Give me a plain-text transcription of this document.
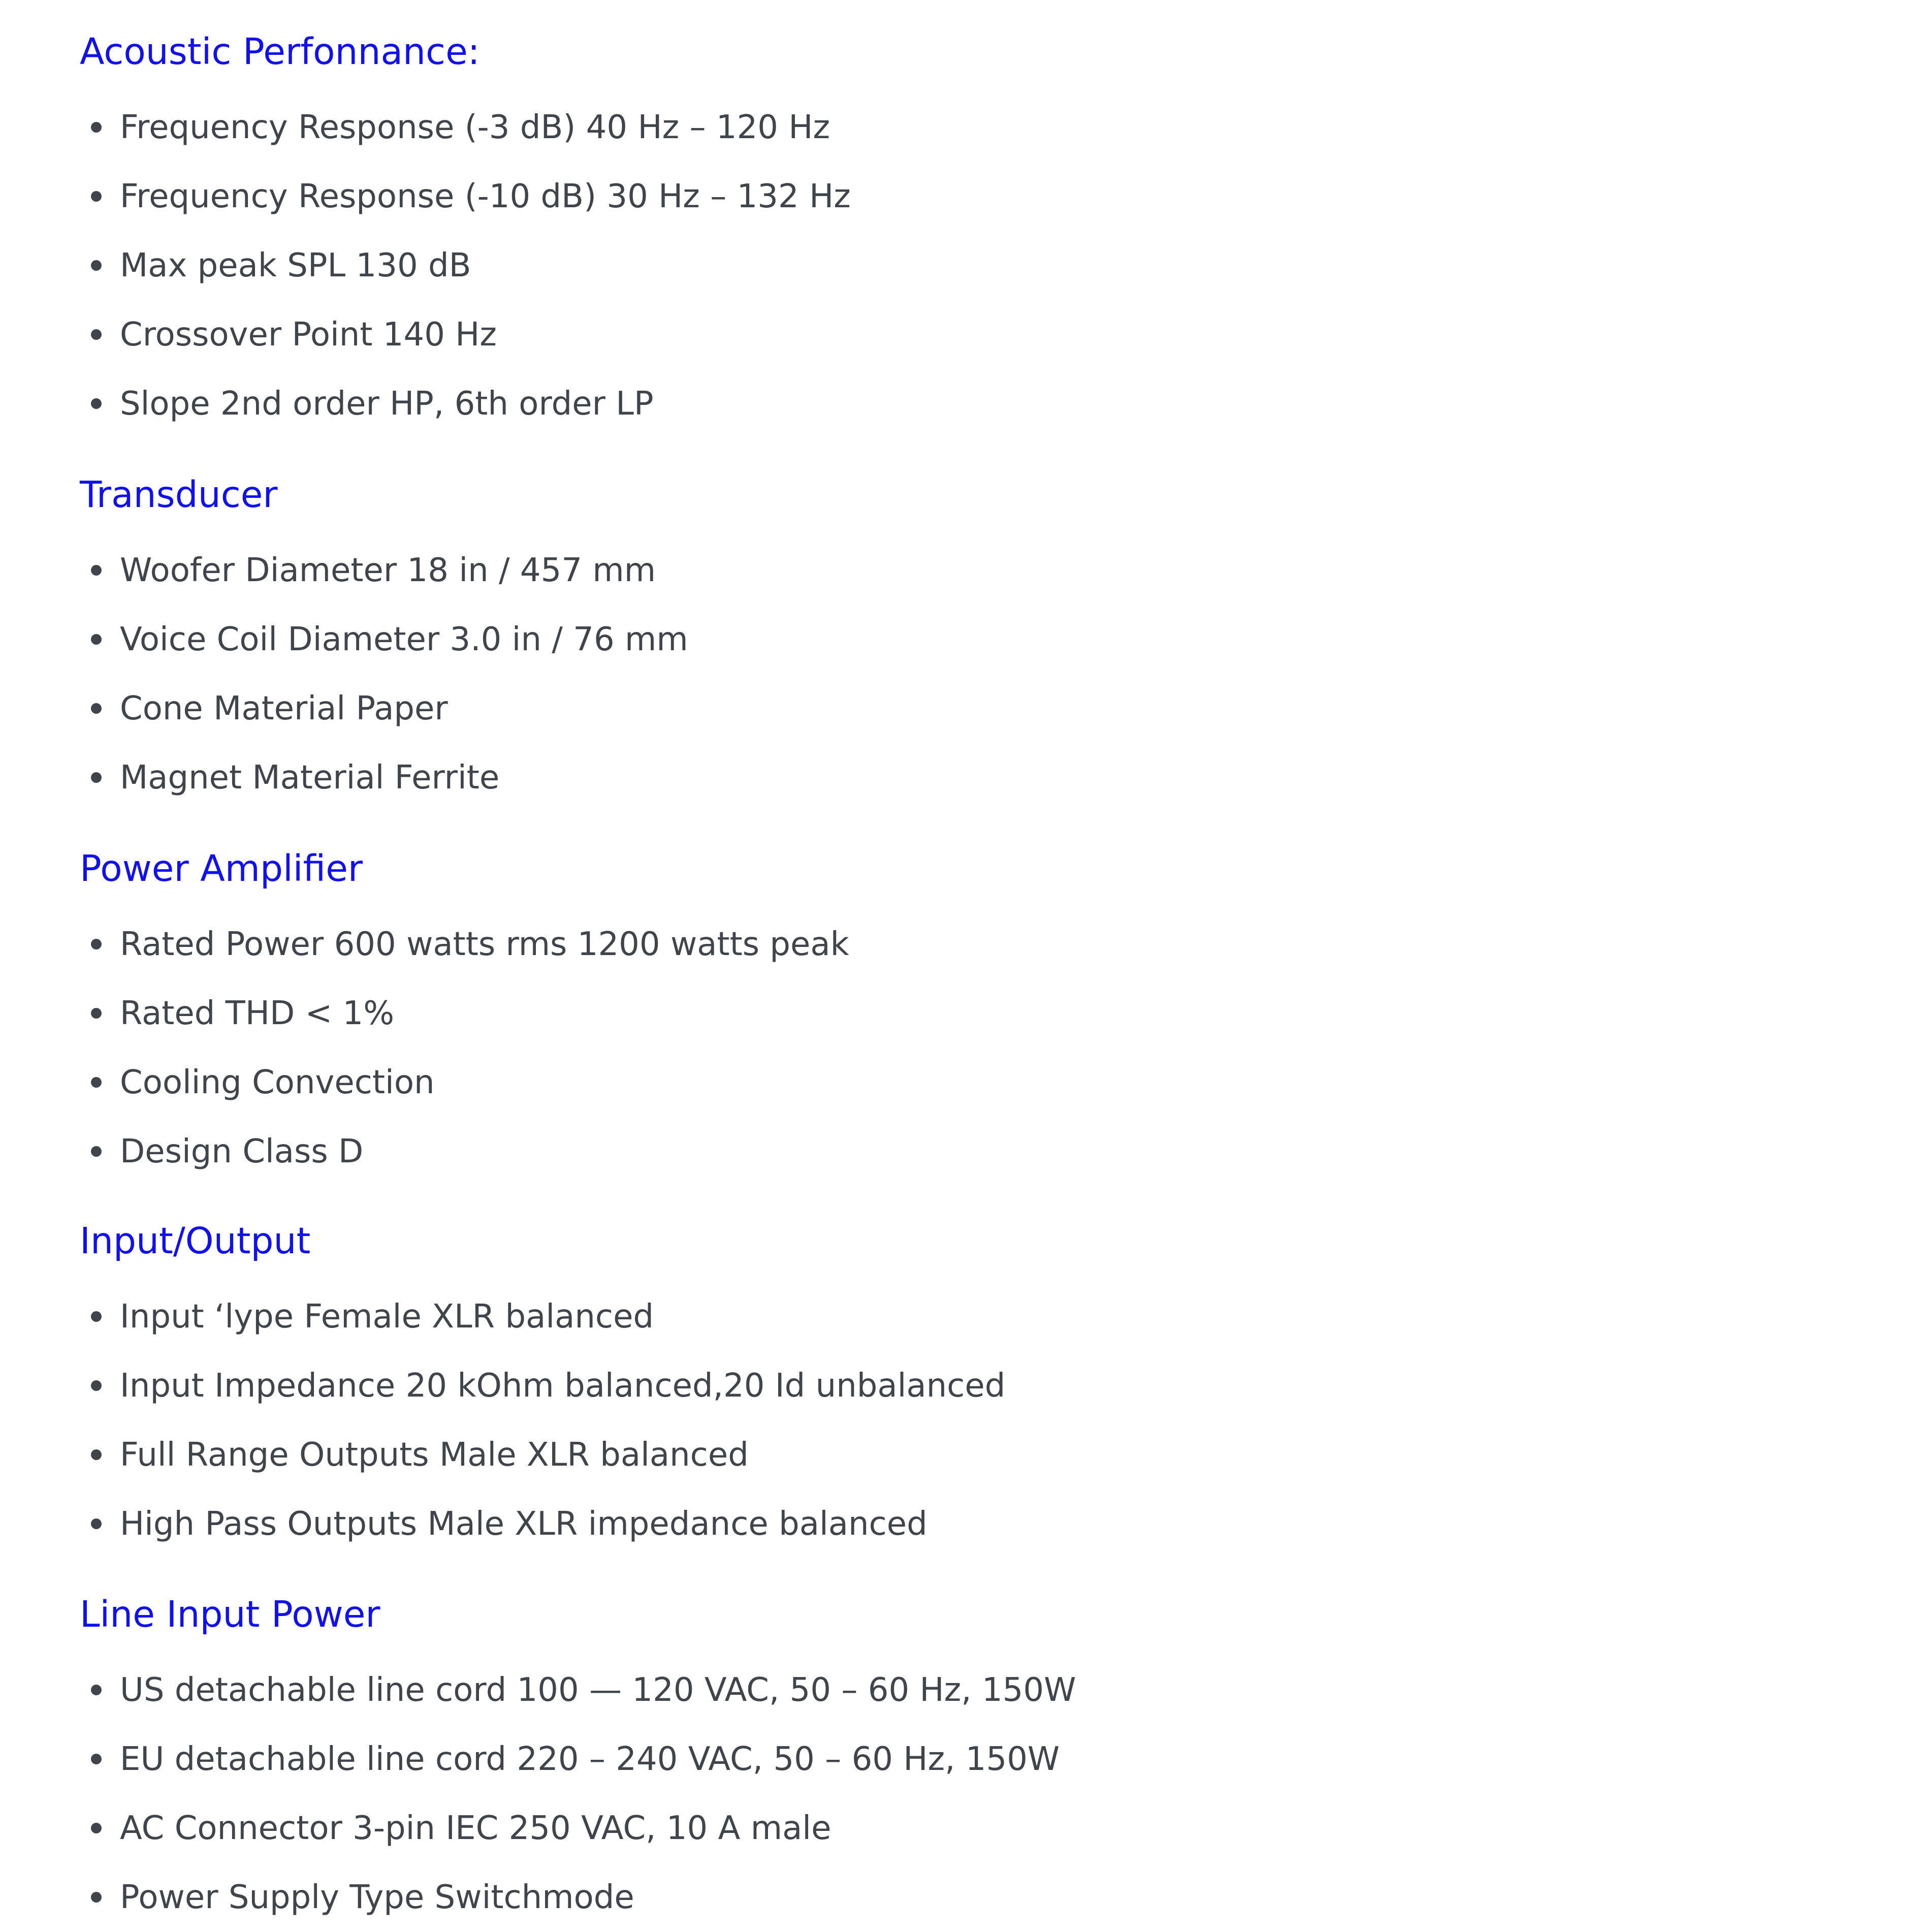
Acoustic Perfonnance:
Frequency Response (-3 dB) 40 Hz – 120 Hz
Frequency Response (-10 dB) 30 Hz – 132 Hz
Max peak SPL 130 dB
Crossover Point 140 Hz
Slope 2nd order HP, 6th order LP
Transducer
Woofer Diameter 18 in / 457 mm
Voice Coil Diameter 3.0 in / 76 mm
Cone Material Paper
Magnet Material Ferrite
Power Amplifier
Rated Power 600 watts rms 1200 watts peak
Rated THD < 1%
Cooling Convection
Design Class D
Input/Output
Input ‘lype Female XLR balanced
Input Impedance 20 kOhm balanced,20 Id unbalanced
Full Range Outputs Male XLR balanced
High Pass Outputs Male XLR impedance balanced
Line Input Power
US detachable line cord 100 — 120 VAC, 50 – 60 Hz, 150W
EU detachable line cord 220 – 240 VAC, 50 – 60 Hz, 150W
AC Connector 3-pin IEC 250 VAC, 10 A male
Power Supply Type Switchmode
